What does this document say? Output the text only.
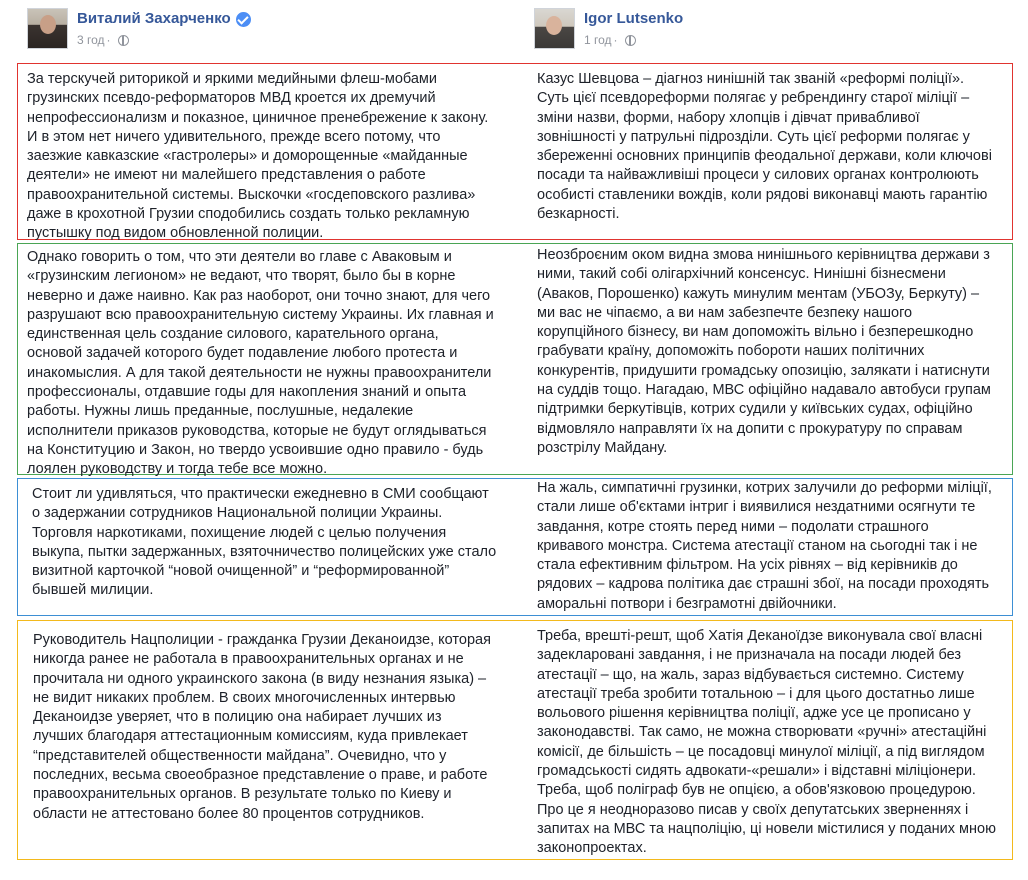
Виталий Захарченко
3 год ·
Igor Lutsenko
1 год ·

За терскучей риторикой и яркими медийными флеш-мобами грузинских псевдо-реформаторов МВД кроется их дремучий непрофессионализм и показное, циничное пренебрежение к закону. И в этом нет ничего удивительного, прежде всего потому, что заезжие кавказские «гастролеры» и доморощенные «майданные деятели» не имеют ни малейшего представления о работе правоохранительной системы. Выскочки «госдеповского разлива» даже в крохотной Грузии сподобились создать только рекламную пустышку под видом обновленной полиции.

Казус Шевцова – діагноз нинішній так званій «реформі поліції». Суть цієї псевдореформи полягає у ребрендингу старої міліції – зміни назви, форми, набору хлопців і дівчат привабливої зовнішності у патрульні підрозділи. Суть цієї реформи полягає у збереженні основних принципів феодальної держави, коли ключові посади та найважливіші процеси у силових органах контролюють особисті ставленики вождів, коли рядові виконавці мають гарантію безкарності.

Однако говорить о том, что эти деятели во главе с Аваковым и «грузинским легионом» не ведают, что творят, было бы в корне неверно и даже наивно. Как раз наоборот, они точно знают, для чего разрушают всю правоохранительную систему Украины. Их главная и единственная цель создание силового, карательного органа, основой задачей которого будет подавление любого протеста и инакомыслия. А для такой деятельности не нужны правоохранители профессионалы, отдавшие годы для накопления знаний и опыта работы. Нужны лишь преданные, послушные, недалекие исполнители приказов руководства, которые не будут оглядываться на Конституцию и Закон, но твердо усвоившие одно правило - будь лоялен руководству и тогда тебе все можно.

Неозброєним оком видна змова нинішнього керівництва держави з ними, такий собі олігархічний консенсус. Нинішні бізнесмени (Аваков, Порошенко) кажуть минулим ментам (УБОЗу, Беркуту) – ми вас не чіпаємо, а ви нам забезпечте безпеку нашого корупційного бізнесу, ви нам допоможіть вільно і безперешкодно грабувати країну, допоможіть побороти наших політичних конкурентів, придушити громадську опозицію, залякати і натиснути на суддів тощо. Нагадаю, МВС офіційно надавало автобуси групам підтримки беркутівців, котрих судили у київських судах, офіційно відмовляло направляти їх на допити с прокуратуру по справам розстрілу Майдану.

Стоит ли удивляться, что практически ежедневно в СМИ сообщают о задержании сотрудников Национальной полиции Украины. Торговля наркотиками, похищение людей с целью получения выкупа, пытки задержанных, взяточничество полицейских уже стало визитной карточкой “новой очищенной” и “реформированной” бывшей милиции.

На жаль, симпатичні грузинки, котрих залучили до реформи міліції, стали лише об'єктами інтриг і виявилися нездатними осягнути те завдання, котре стоять перед ними – подолати страшного кривавого монстра. Система атестації станом на сьогодні так і не стала ефективним фільтром. На усіх рівнях – від керівників до рядових – кадрова політика дає страшні збої, на посади проходять аморальні потвори і безграмотні двійочники.

Руководитель Нацполиции - гражданка Грузии Деканоидзе, которая никогда ранее не работала в правоохранительных органах и не прочитала ни одного украинского закона (в виду незнания языка) – не видит никаких проблем. В своих многочисленных интервью Деканоидзе уверяет, что в полицию она набирает лучших из лучших благодаря аттестационным комиссиям, куда привлекает “представителей общественности майдана”. Очевидно, что у последних, весьма своеобразное представление о праве, и работе правоохранительных органов. В результате только по Киеву и области не аттестовано более 80 процентов сотрудников.

Треба, врешті-решт, щоб Хатія Деканоїдзе виконувала свої власні задекларовані завдання, і не призначала на посади людей без атестації – що, на жаль, зараз відбувається системно. Систему атестації треба зробити тотальною – і для цього достатньо лише вольового рішення керівництва поліції, адже усе це прописано у законодавстві. Так само, не можна створювати «ручні» атестаційні комісії, де більшість – це посадовці минулої міліції, а під виглядом громадськості сидять адвокати-«решали» і відставні міліціонери. Треба, щоб поліграф був не опцією, а обов'язковою процедурою. Про це я неодноразово писав у своїх депутатських зверненнях і запитах на МВС та нацполіцію, ці новели містилися у поданих мною законопроектах.
